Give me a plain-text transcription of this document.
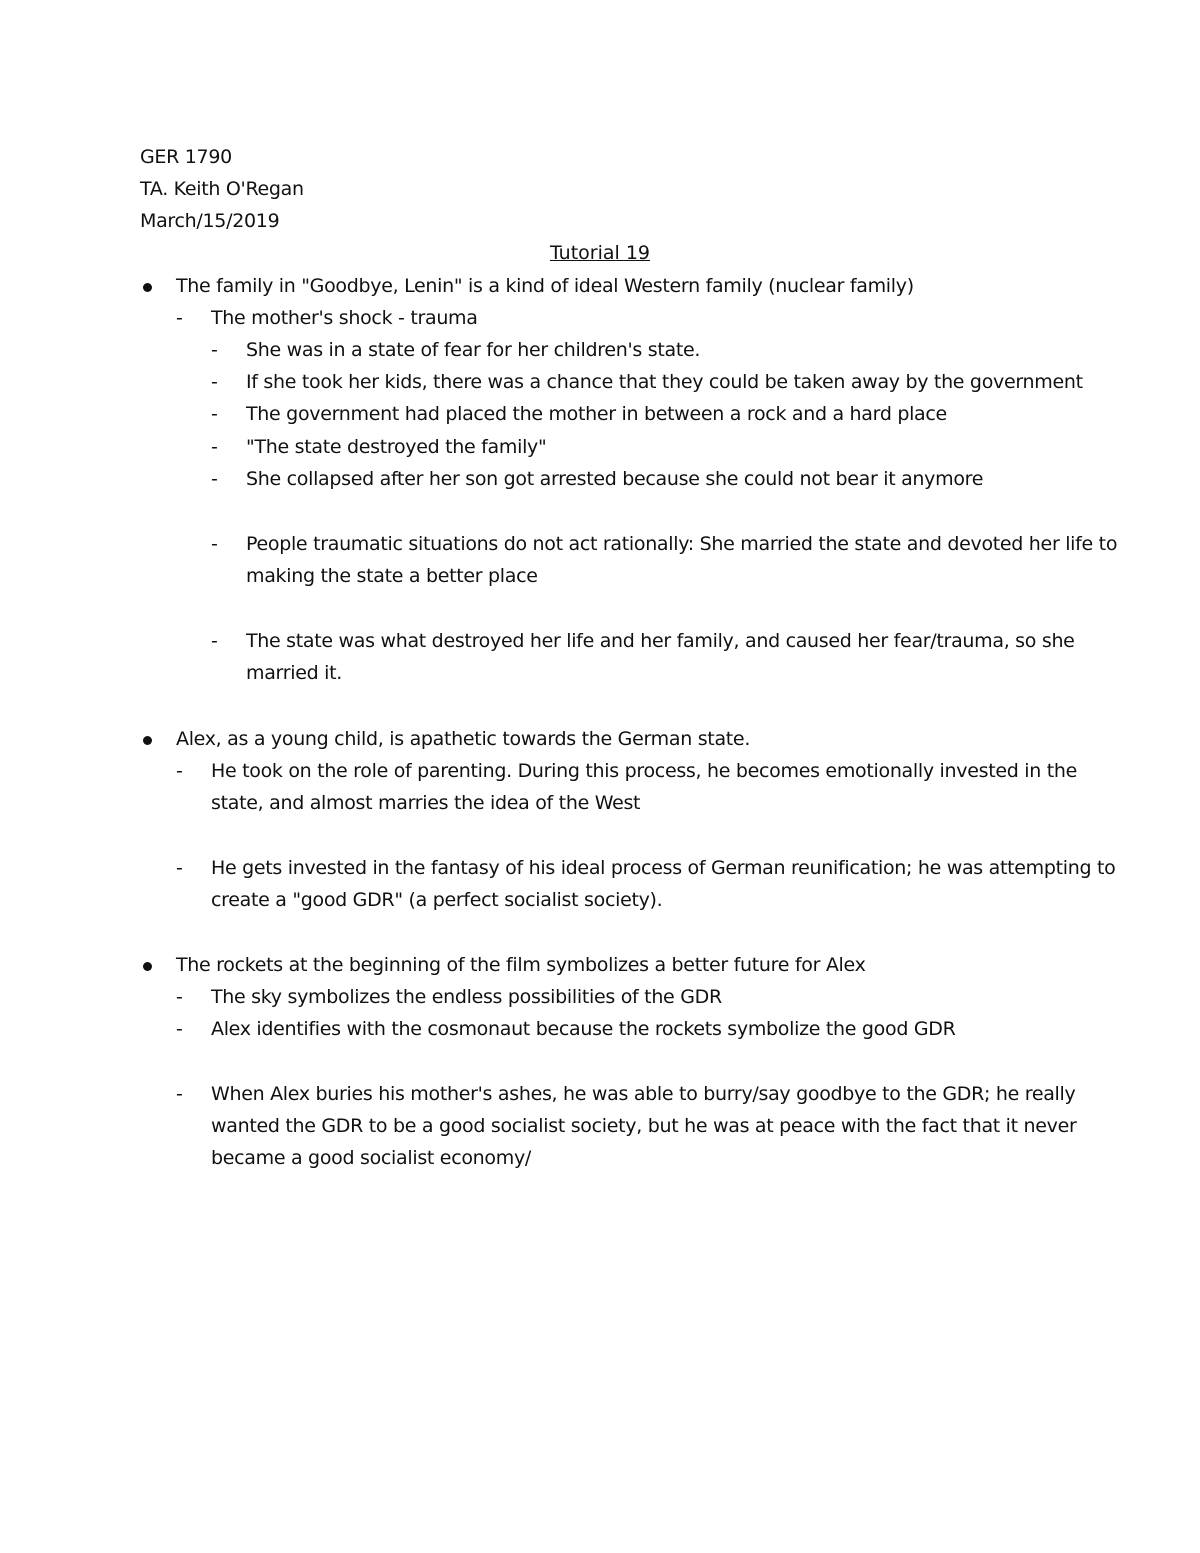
GER 1790
TA. Keith O'Regan
March/15/2019
Tutorial 19
The family in "Goodbye, Lenin" is a kind of ideal Western family (nuclear family)
- The mother's shock - trauma
- She was in a state of fear for her children's state.
- If she took her kids, there was a chance that they could be taken away by the government
- The government had placed the mother in between a rock and a hard place
- "The state destroyed the family"
- She collapsed after her son got arrested because she could not bear it anymore
- People traumatic situations do not act rationally: She married the state and devoted her life to
making the state a better place
- The state was what destroyed her life and her family, and caused her fear/trauma, so she
married it.
Alex, as a young child, is apathetic towards the German state.
- He took on the role of parenting. During this process, he becomes emotionally invested in the
state, and almost marries the idea of the West
- He gets invested in the fantasy of his ideal process of German reunification; he was attempting to
create a "good GDR" (a perfect socialist society).
The rockets at the beginning of the film symbolizes a better future for Alex
- The sky symbolizes the endless possibilities of the GDR
- Alex identifies with the cosmonaut because the rockets symbolize the good GDR
- When Alex buries his mother's ashes, he was able to burry/say goodbye to the GDR; he really
wanted the GDR to be a good socialist society, but he was at peace with the fact that it never
became a good socialist economy/
